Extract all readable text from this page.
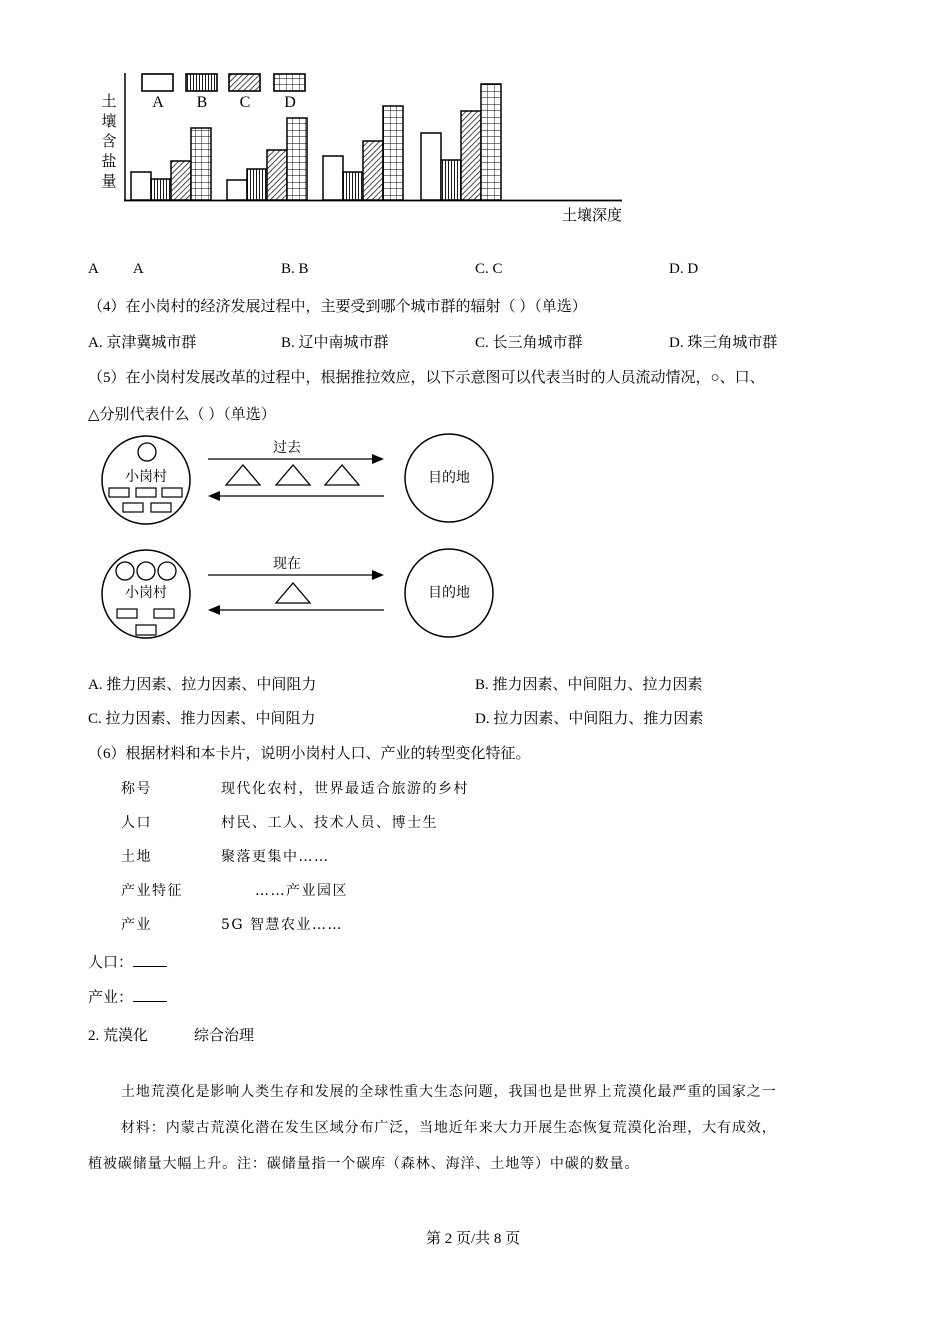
A B C D
土
壤
含
盐
量
土壤深度
A A	B. B	C. C	D. D
（4）在小岗村的经济发展过程中，主要受到哪个城市群的辐射（ ）（单选）
A. 京津冀城市群	B. 辽中南城市群	C. 长三角城市群	D. 珠三角城市群
（5）在小岗村发展改革的过程中，根据推拉效应，以下示意图可以代表当时的人员流动情况，○、口、
△分别代表什么（ ）（单选）
小岗村
过去
目的地
小岗村
现在
目的地
A. 推力因素、拉力因素、中间阻力	B. 推力因素、中间阻力、拉力因素
C. 拉力因素、推力因素、中间阻力	D. 拉力因素、中间阻力、推力因素
（6）根据材料和本卡片，说明小岗村人口、产业的转型变化特征。
称号	现代化农村，世界最适合旅游的乡村
人口	村民、工人、技术人员、博士生
土地	聚落更集中……
产业特征	……产业园区
产业	5G 智慧农业……
人口：
产业：
2. 荒漠化	综合治理
土地荒漠化是影响人类生存和发展的全球性重大生态问题，我国也是世界上荒漠化最严重的国家之一
材料：内蒙古荒漠化潜在发生区域分布广泛，当地近年来大力开展生态恢复荒漠化治理，大有成效，
植被碳储量大幅上升。注：碳储量指一个碳库（森林、海洋、土地等）中碳的数量。
第 2 页/共 8 页
